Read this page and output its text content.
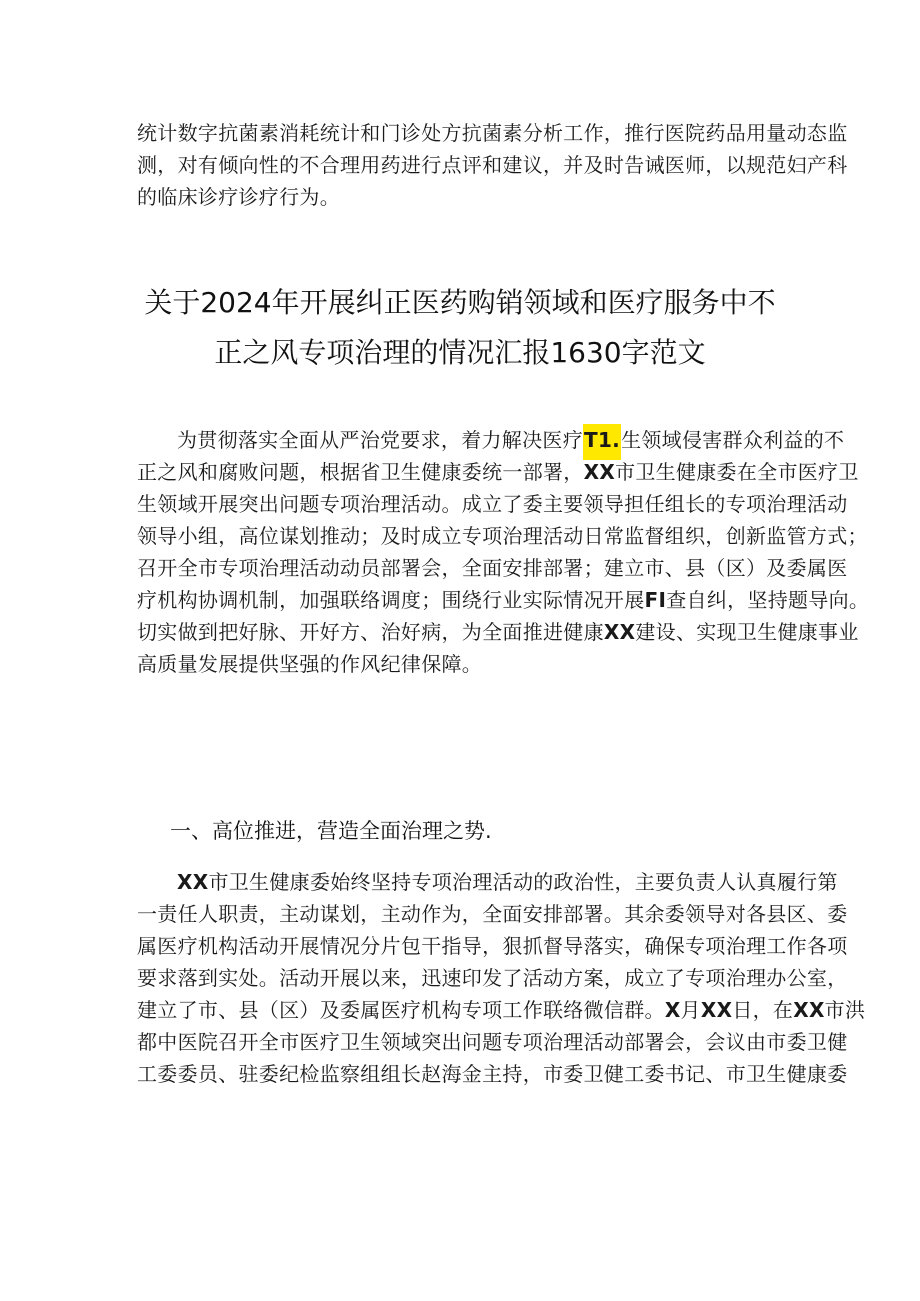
统计数字抗菌素消耗统计和门诊处方抗菌素分析工作，推行医院药品用量动态监
测，对有倾向性的不合理用药进行点评和建议，并及时告诫医师，以规范妇产科
的临床诊疗诊疗行为。
关于2024年开展纠正医药购销领域和医疗服务中不
正之风专项治理的情况汇报1630字范文
为贯彻落实全面从严治党要求，着力解决医疗T1.生领域侵害群众利益的不
正之风和腐败问题，根据省卫生健康委统一部署，XX市卫生健康委在全市医疗卫
生领域开展突出问题专项治理活动。成立了委主要领导担任组长的专项治理活动
领导小组，高位谋划推动；及时成立专项治理活动日常监督组织，创新监管方式；
召开全市专项治理活动动员部署会，全面安排部署；建立市、县（区）及委属医
疗机构协调机制，加强联络调度；围绕行业实际情况开展FI查自纠，坚持题导向。
切实做到把好脉、开好方、治好病，为全面推进健康XX建设、实现卫生健康事业
高质量发展提供坚强的作风纪律保障。
一、高位推进，营造全面治理之势.
XX市卫生健康委始终坚持专项治理活动的政治性，主要负责人认真履行第
一责任人职责，主动谋划，主动作为，全面安排部署。其余委领导对各县区、委
属医疗机构活动开展情况分片包干指导，狠抓督导落实，确保专项治理工作各项
要求落到实处。活动开展以来，迅速印发了活动方案，成立了专项治理办公室，
建立了市、县（区）及委属医疗机构专项工作联络微信群。X月XX日，在XX市洪
都中医院召开全市医疗卫生领域突出问题专项治理活动部署会，会议由市委卫健
工委委员、驻委纪检监察组组长赵海金主持，市委卫健工委书记、市卫生健康委
